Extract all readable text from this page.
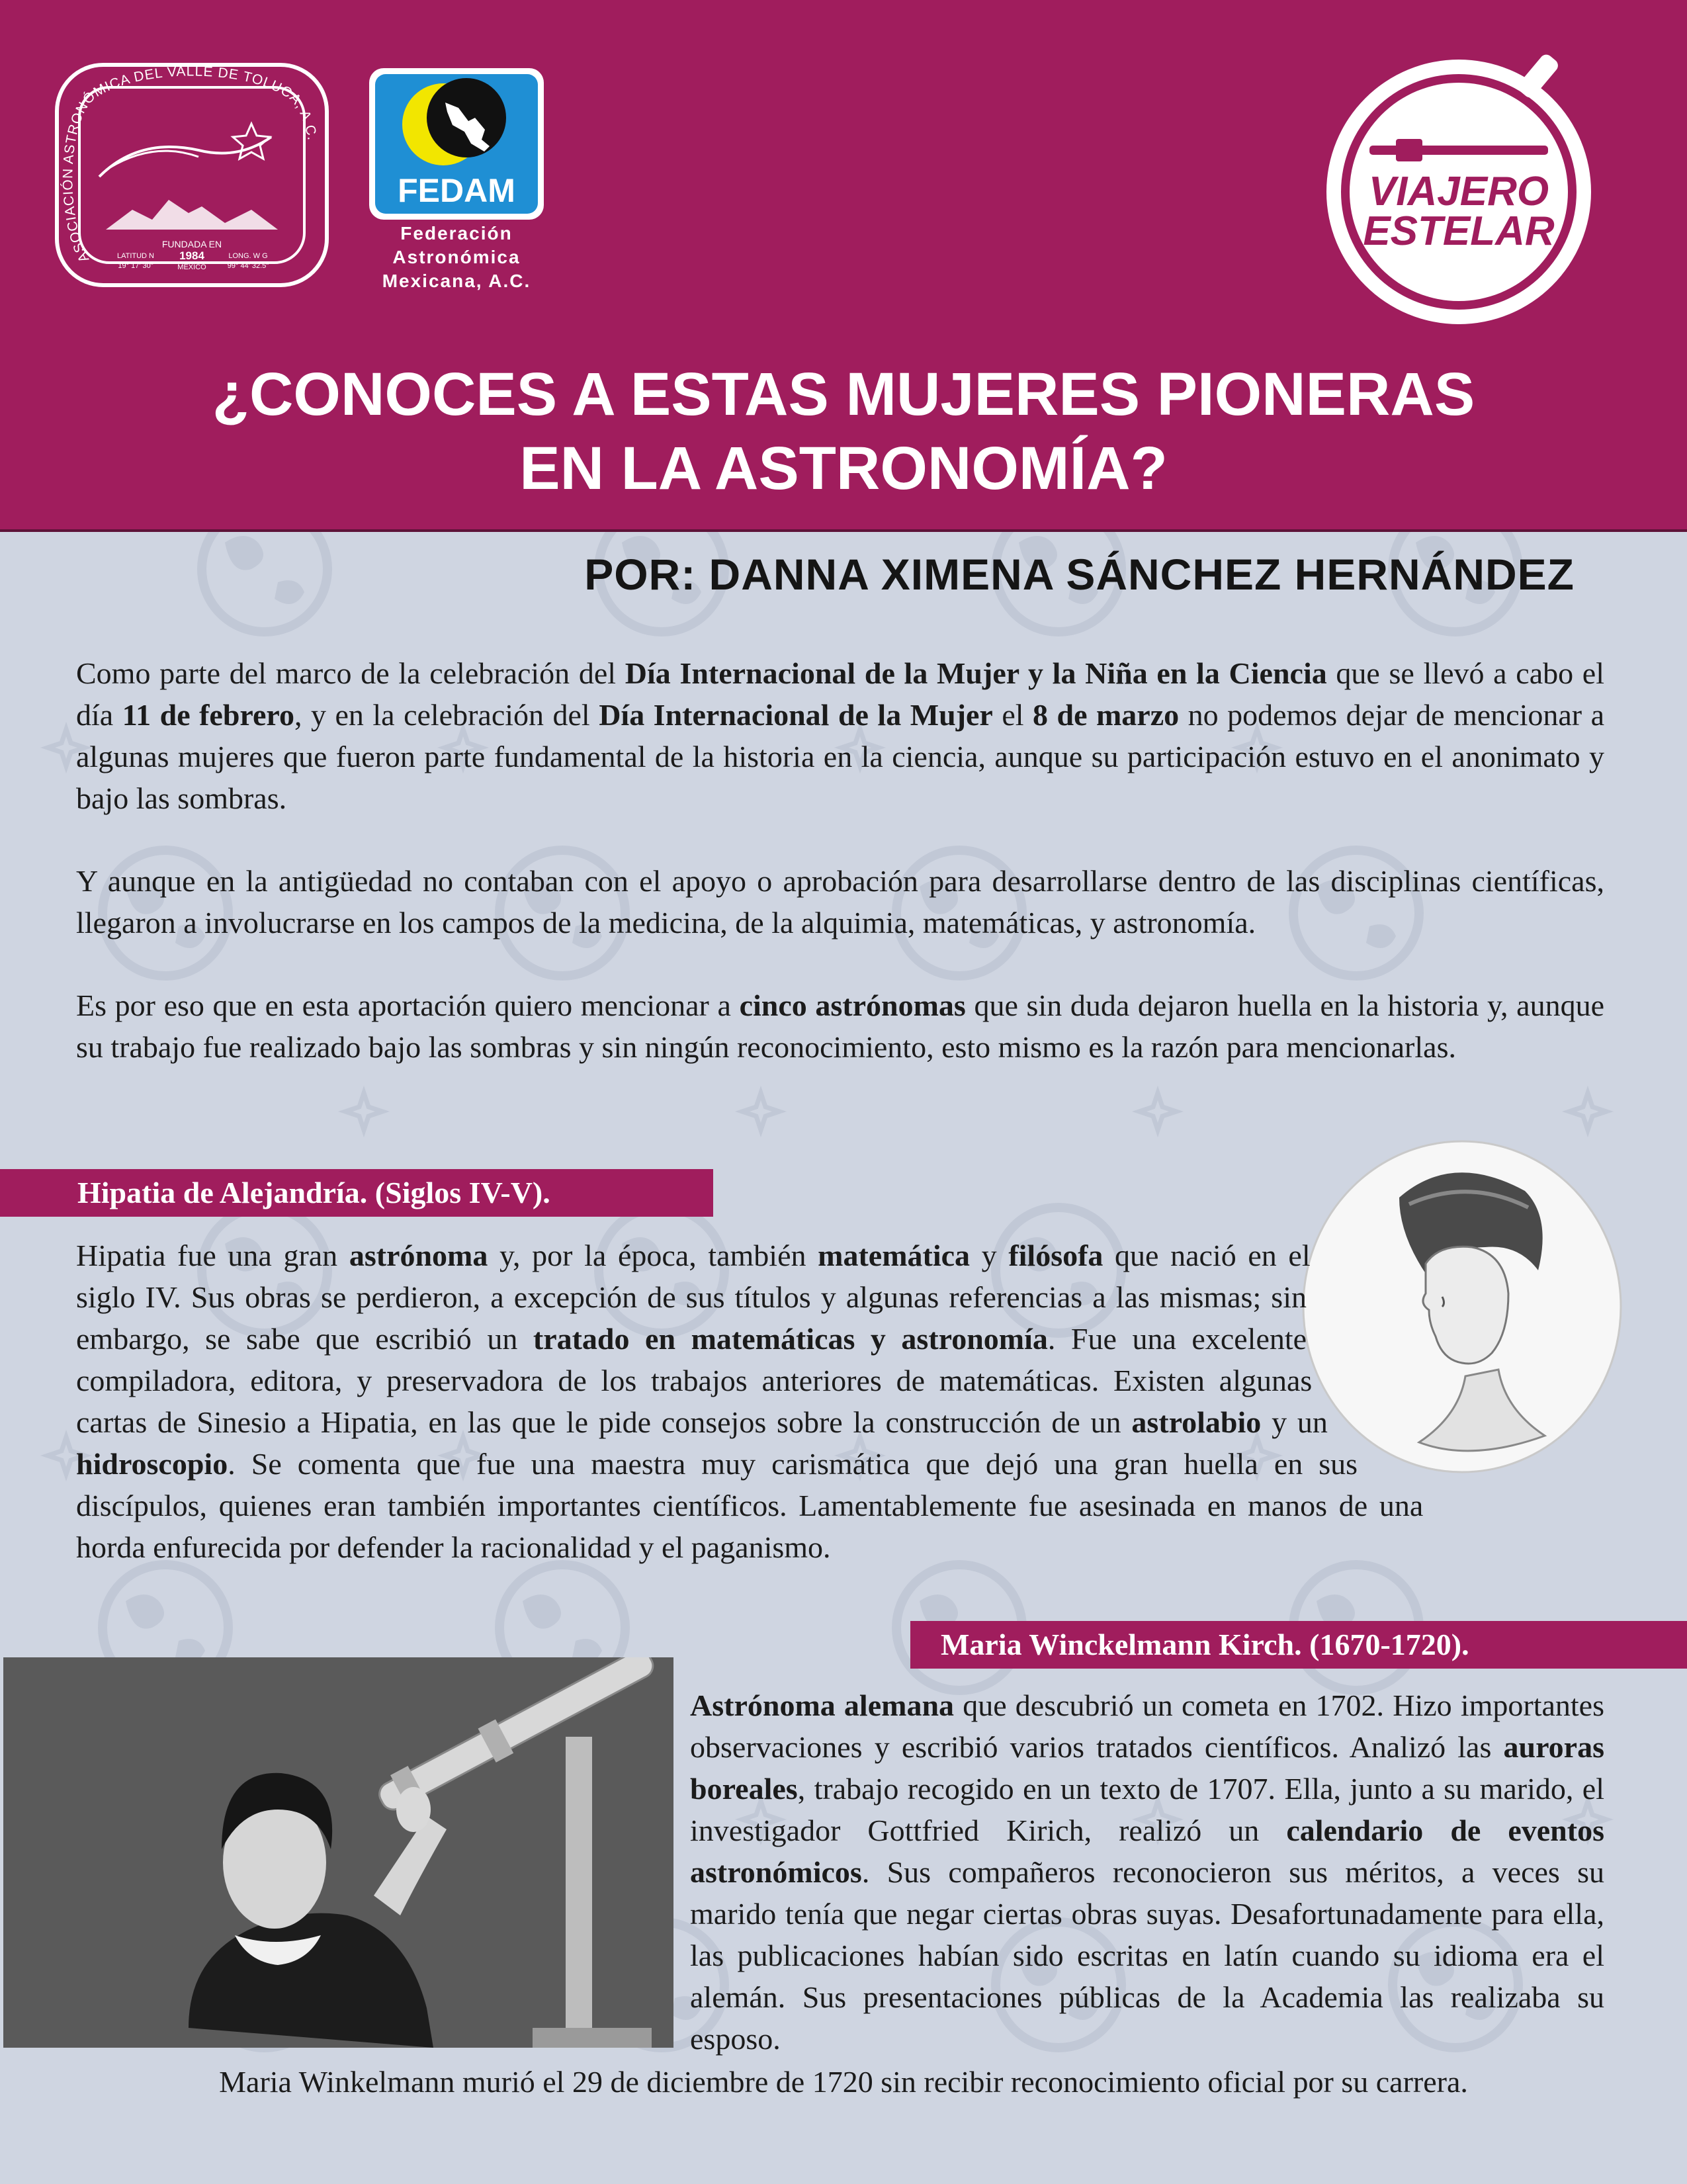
ASOCIACIÓN ASTRONÓMICA DEL VALLE DE TOLUCA, A.C.
FUNDADA EN
1984
MÉXICO
LATITUD N
19° 17' 30"
LONG. W G
99° 44' 32.5"
FEDAM

Federación
Astronómica
Mexicana, A.C.

VIAJERO
ESTELAR
¿CONOCES A ESTAS MUJERES PIONERAS
EN LA ASTRONOMÍA?

POR: DANNA XIMENA SÁNCHEZ HERNÁNDEZ

Como parte del marco de la celebración del Día Internacional de la Mujer y la Niña en la Ciencia que se llevó a cabo el día 11 de febrero, y en la celebración del Día Internacional de la Mujer el 8 de marzo no podemos dejar de mencionar a algunas mujeres que fueron parte fundamental de la historia en la ciencia, aunque su participación estuvo en el anonimato y bajo las sombras.

Y aunque en la antigüedad no contaban con el apoyo o aprobación para desarrollarse dentro de las disciplinas científicas, llegaron a involucrarse en los campos de la medicina, de la alquimia, matemáticas, y astronomía.

Es por eso que en esta aportación quiero mencionar a cinco astrónomas que sin duda dejaron huella en la historia y, aunque su trabajo fue realizado bajo las sombras y sin ningún reconocimiento, esto mismo es la razón para mencionarlas.

Hipatia de Alejandría. (Siglos IV-V).
Hipatia fue una gran astrónoma y, por la época, también matemática y filósofa que nació en el siglo IV. Sus obras se perdieron, a excepción de sus títulos y algunas referencias a las mismas; sin embargo, se sabe que escribió un tratado en matemáticas y astronomía. Fue una excelente compiladora, editora, y preservadora de los trabajos anteriores de matemáticas. Existen algunas cartas de Sinesio a Hipatia, en las que le pide consejos sobre la construcción de un astrolabio y un hidroscopio. Se comenta que fue una maestra muy carismática que dejó una gran huella en sus discípulos, quienes eran también importantes científicos. Lamentablemente fue asesinada en manos de una horda enfurecida por defender la racionalidad y el paganismo.
Maria Winckelmann Kirch. (1670-1720).
Astrónoma alemana que descubrió un cometa en 1702. Hizo importantes observaciones y escribió varios tratados científicos. Analizó las auroras boreales, trabajo recogido en un texto de 1707. Ella, junto a su marido, el investigador Gottfried Kirich, realizó un calendario de eventos astronómicos. Sus compañeros reconocieron sus méritos, a veces su marido tenía que negar ciertas obras suyas. Desafortunadamente para ella, las publicaciones habían sido escritas en latín cuando su idioma era el alemán. Sus presentaciones públicas de la Academia las realizaba su esposo.

Maria Winkelmann murió el 29 de diciembre de 1720 sin recibir reconocimiento oficial por su carrera.
